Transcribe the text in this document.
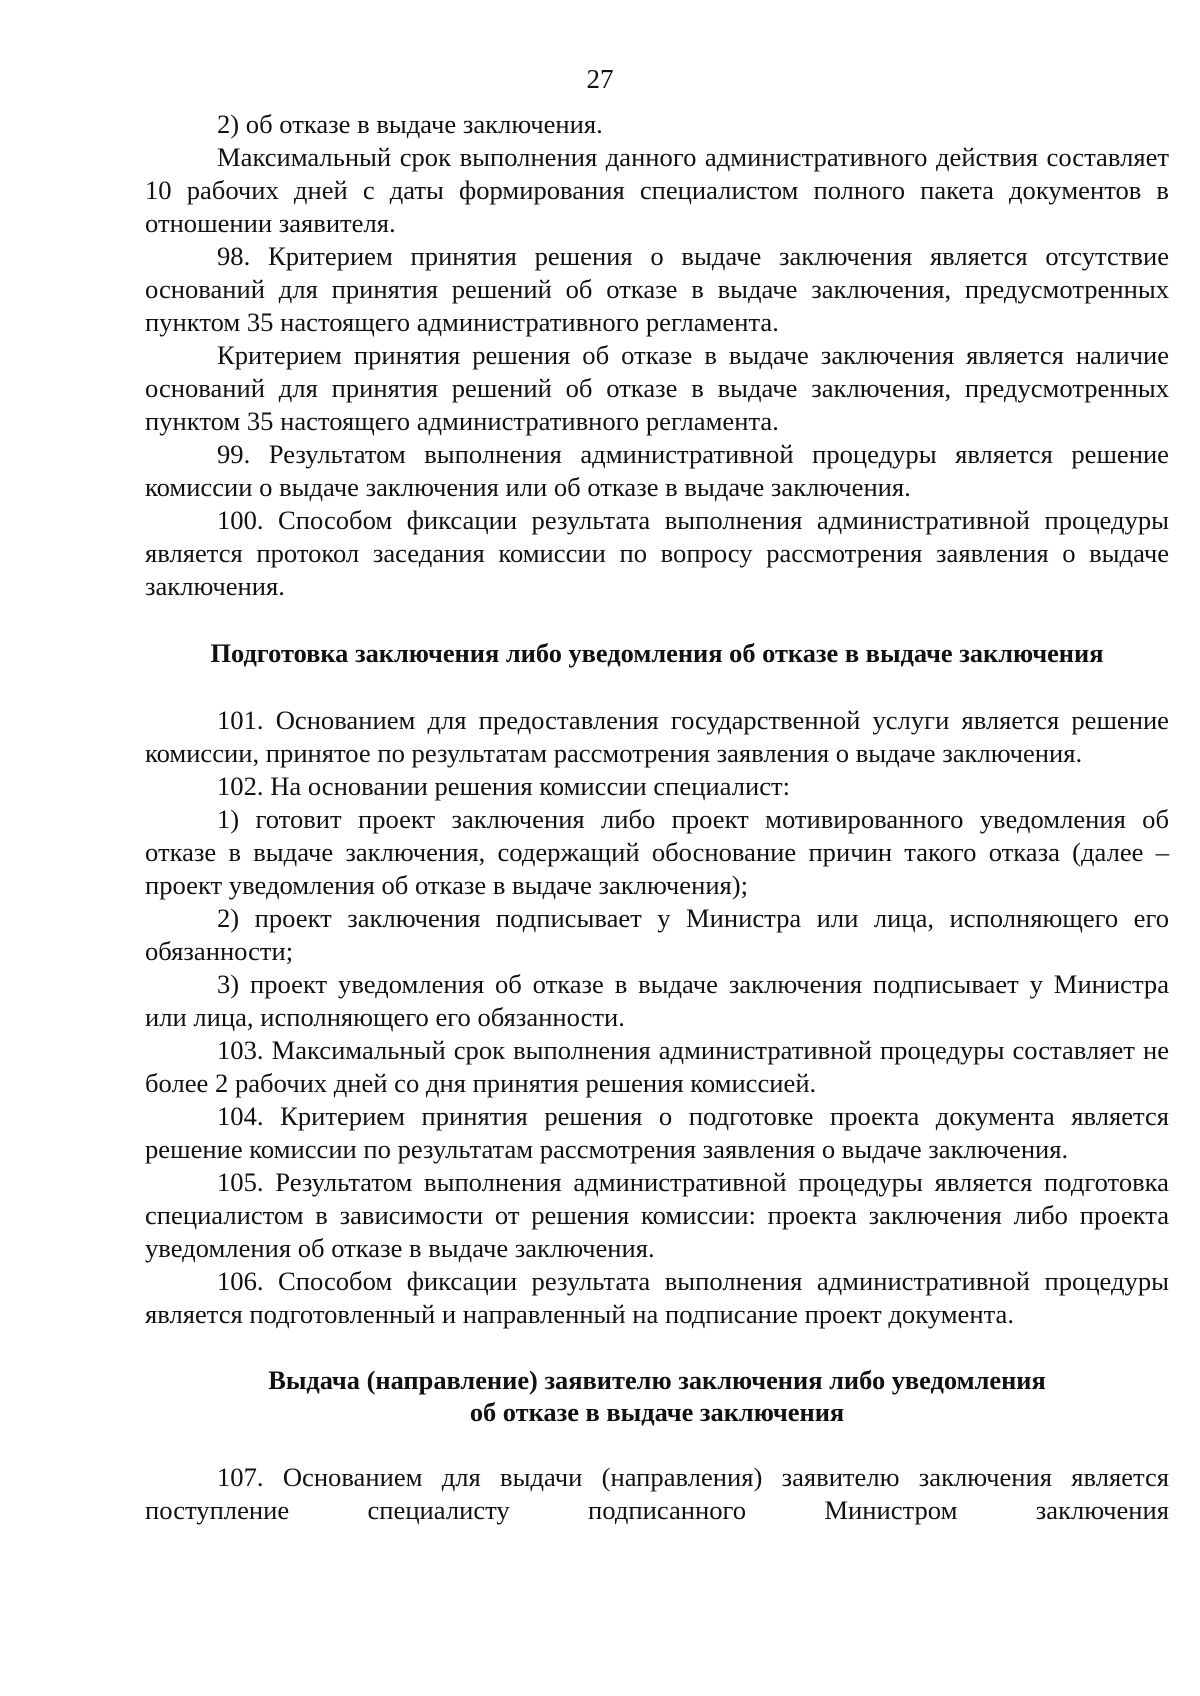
27

2) об отказе в выдаче заключения.

Максимальный срок выполнения данного административного действия составляет 10 рабочих дней с даты формирования специалистом полного пакета документов в отношении заявителя.

98. Критерием принятия решения о выдаче заключения является отсутствие оснований для принятия решений об отказе в выдаче заключения, предусмотренных пунктом 35 настоящего административного регламента.

Критерием принятия решения об отказе в выдаче заключения является наличие оснований для принятия решений об отказе в выдаче заключения, предусмотренных пунктом 35 настоящего административного регламента.

99. Результатом выполнения административной процедуры является решение комиссии о выдаче заключения или об отказе в выдаче заключения.

100. Способом фиксации результата выполнения административной процедуры является протокол заседания комиссии по вопросу рассмотрения заявления о выдаче заключения.

Подготовка заключения либо уведомления об отказе в выдаче заключения

101. Основанием для предоставления государственной услуги является решение комиссии, принятое по результатам рассмотрения заявления о выдаче заключения.

102. На основании решения комиссии специалист:

1) готовит проект заключения либо проект мотивированного уведомления об отказе в выдаче заключения, содержащий обоснование причин такого отказа (далее – проект уведомления об отказе в выдаче заключения);

2) проект заключения подписывает у Министра или лица, исполняющего его обязанности;

3) проект уведомления об отказе в выдаче заключения подписывает у Министра или лица, исполняющего его обязанности.

103. Максимальный срок выполнения административной процедуры составляет не более 2 рабочих дней со дня принятия решения комиссией.

104. Критерием принятия решения о подготовке проекта документа является решение комиссии по результатам рассмотрения заявления о выдаче заключения.

105. Результатом выполнения административной процедуры является подготовка специалистом в зависимости от решения комиссии: проекта заключения либо проекта уведомления об отказе в выдаче заключения.

106. Способом фиксации результата выполнения административной процедуры является подготовленный и направленный на подписание проект документа.

Выдача (направление) заявителю заключения либо уведомления
об отказе в выдаче заключения

107. Основанием для выдачи (направления) заявителю заключения является поступление специалисту подписанного Министром заключения
